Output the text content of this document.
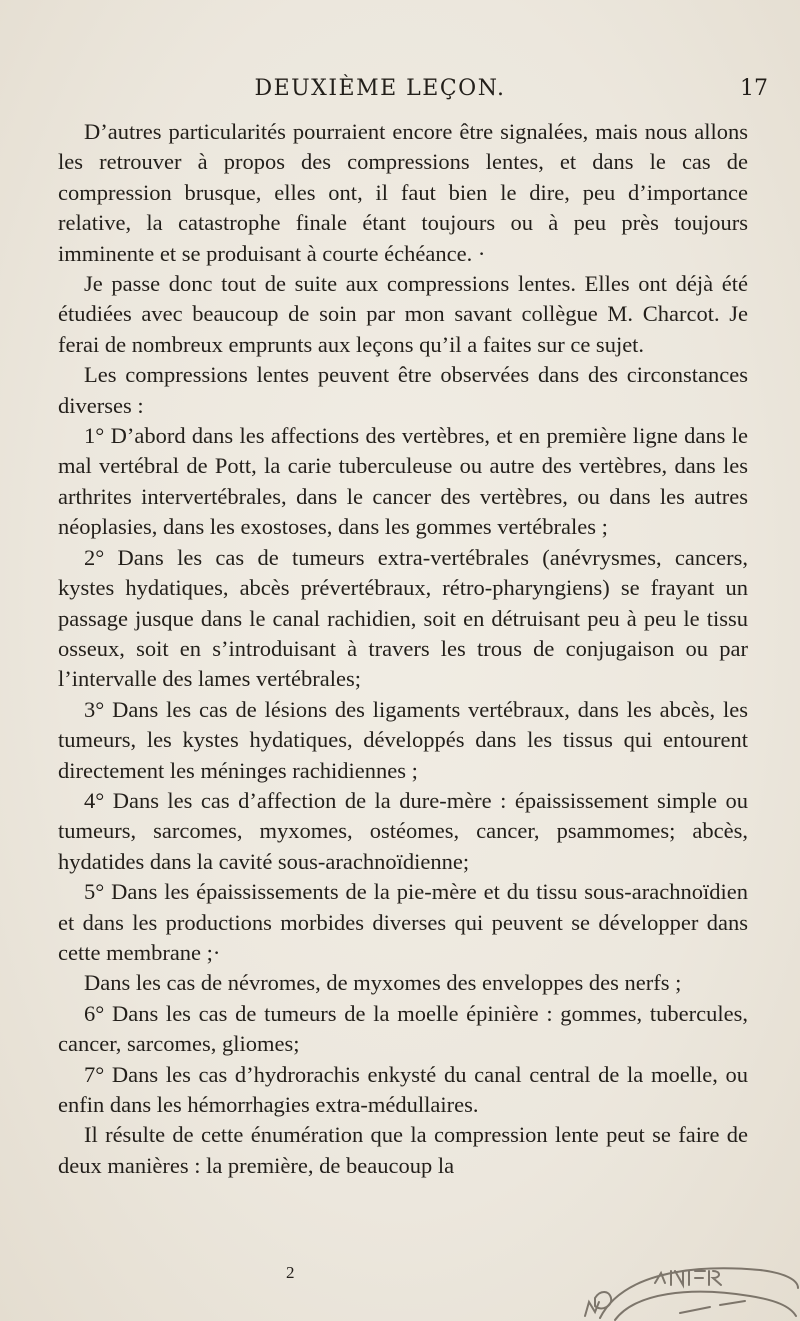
DEUXIÈME LEÇON.	17

D’autres particularités pourraient encore être signalées, mais nous allons les retrouver à propos des compressions lentes, et dans le cas de compression brusque, elles ont, il faut bien le dire, peu d’importance relative, la catastrophe finale étant toujours ou à peu près toujours imminente et se produisant à courte échéance. ·

Je passe donc tout de suite aux compressions lentes. Elles ont déjà été étudiées avec beaucoup de soin par mon savant collègue M. Charcot. Je ferai de nombreux emprunts aux leçons qu’il a faites sur ce sujet.

Les compressions lentes peuvent être observées dans des circonstances diverses :

1° D’abord dans les affections des vertèbres, et en première ligne dans le mal vertébral de Pott, la carie tuberculeuse ou autre des vertèbres, dans les arthrites intervertébrales, dans le cancer des vertèbres, ou dans les autres néoplasies, dans les exostoses, dans les gommes vertébrales ;

2° Dans les cas de tumeurs extra-vertébrales (anévrysmes, cancers, kystes hydatiques, abcès prévertébraux, rétro-pharyngiens) se frayant un passage jusque dans le canal rachidien, soit en détruisant peu à peu le tissu osseux, soit en s’introduisant à travers les trous de conjugaison ou par l’intervalle des lames vertébrales;

3° Dans les cas de lésions des ligaments vertébraux, dans les abcès, les tumeurs, les kystes hydatiques, développés dans les tissus qui entourent directement les méninges rachidiennes ;

4° Dans les cas d’affection de la dure-mère : épaississement simple ou tumeurs, sarcomes, myxomes, ostéomes, cancer, psammomes; abcès, hydatides dans la cavité sous-arachnoïdienne;

5° Dans les épaississements de la pie-mère et du tissu sous-arachnoïdien et dans les productions morbides diverses qui peuvent se développer dans cette membrane ;·

Dans les cas de névromes, de myxomes des enveloppes des nerfs ;

6° Dans les cas de tumeurs de la moelle épinière : gommes, tubercules, cancer, sarcomes, gliomes;

7° Dans les cas d’hydrorachis enkysté du canal central de la moelle, ou enfin dans les hémorrhagies extra-médullaires.

Il résulte de cette énumération que la compression lente peut se faire de deux manières : la première, de beaucoup la

2
